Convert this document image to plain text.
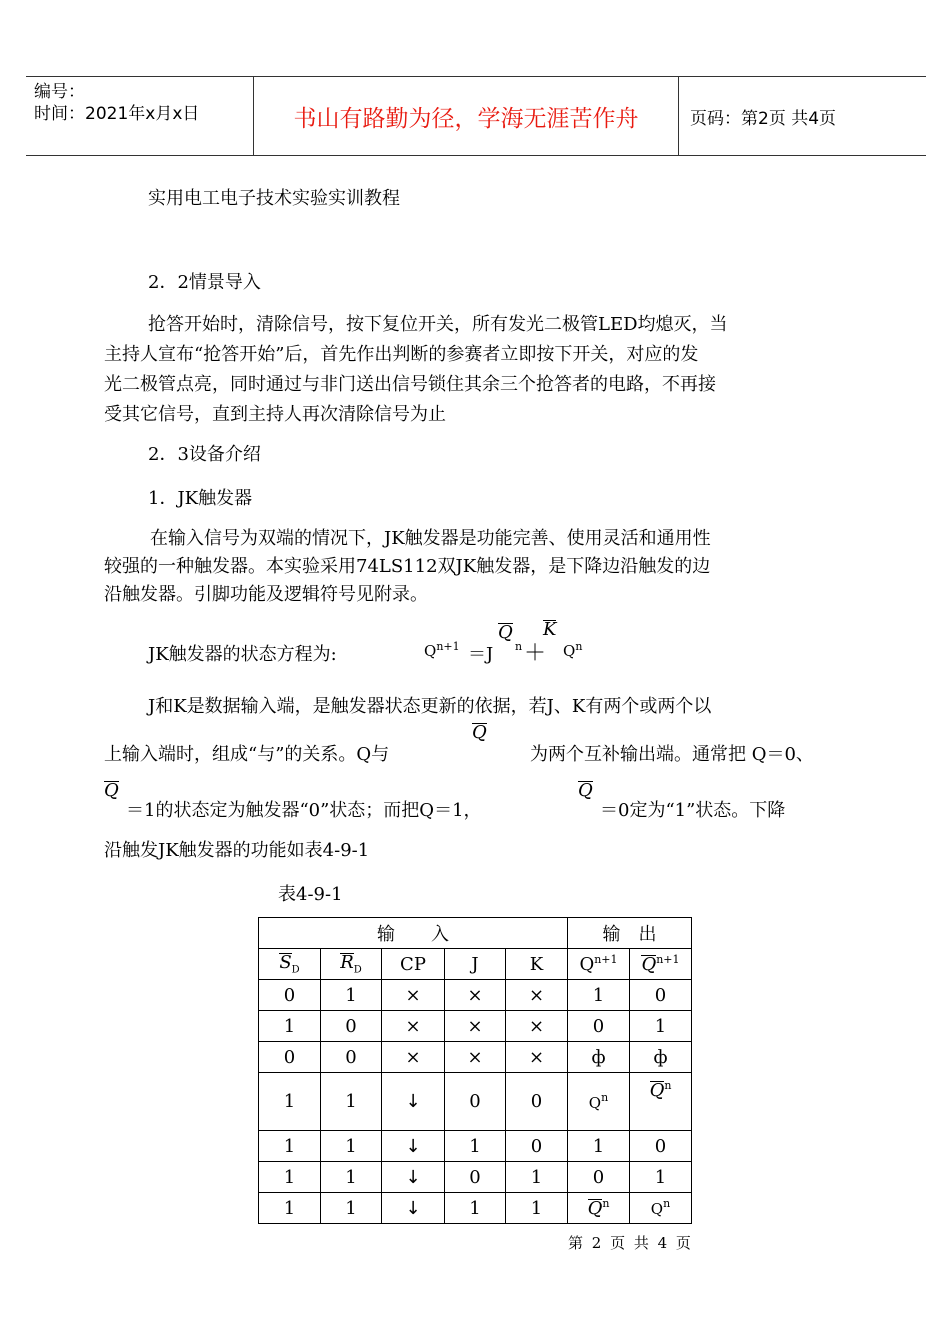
编号：
时间：2021年x月x日	书山有路勤为径，学海无涯苦作舟	页码：第2页 共4页
实用电工电子技术实验实训教程
2．2情景导入
抢答开始时，清除信号，按下复位开关，所有发光二极管LED均熄灭，当
主持人宣布“抢答开始”后，首先作出判断的参赛者立即按下开关，对应的发
光二极管点亮，同时通过与非门送出信号锁住其余三个抢答者的电路，不再接
受其它信号，直到主持人再次清除信号为止
2．3设备介绍
1．JK触发器
在输入信号为双端的情况下，JK触发器是功能完善、使用灵活和通用性
较强的一种触发器。本实验采用74LS112双JK触发器，是下降边沿触发的边
沿触发器。引脚功能及逻辑符号见附录。
JK触发器的状态方程为:	$Q^{n+1} =J$
Q
n ＋
K
$Q^n$
J和K是数据输入端，是触发器状态更新的依据，若J、K有两个或两个以
上输入端时，组成“与”的关系。Q与
Q
为两个互补输出端。通常把 Q＝0、
Q
＝1的状态定为触发器“0”状态；而把Q＝1，
Q
＝0定为“1”状态。下降
沿触发JK触发器的功能如表4-9-1
表4-9-1
输　　入					输　出	
$S_D$	$R_D$	CP	J	K	$Q^{n+1}$	$Q^{n+1}$
0	1	×	×	×	1	0
1	0	×	×	×	0	1
0	0	×	×	×	ф	ф
1	1	↓	0	0	$Q^n$	$Q^n$
1	1	↓	1	0	1	0
1	1	↓	0	1	0	1
1	1	↓	1	1	$Q^n$	$Q^n$
第 2 页 共 4 页
